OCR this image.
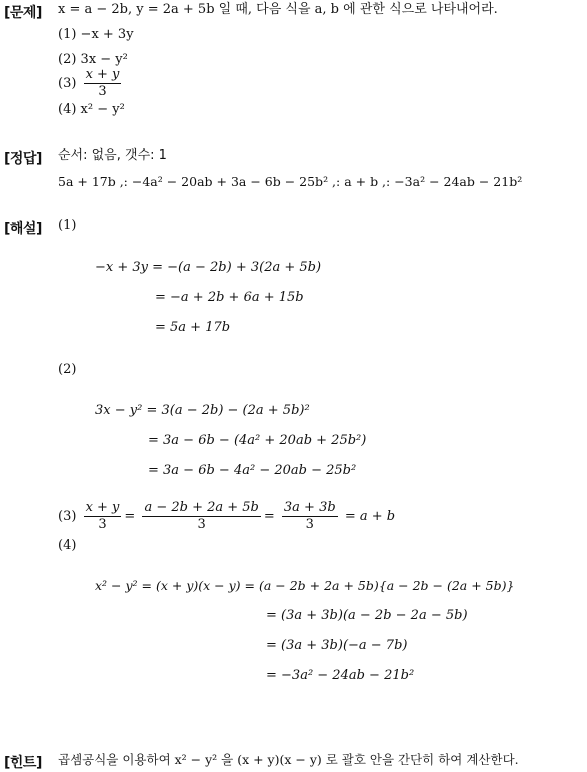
[문제] x = a − 2b, y = 2a + 5b 일 때, 다음 식을 a, b 에 관한 식으로 나타내어라.
(1) −x + 3y
(2) 3x − y²
$(3) \frac{x + y}{3}$
(4) x² − y²
[정답] 순서: 없음, 갯수: 1
5a + 17b ,: −4a² − 20ab + 3a − 6b − 25b² ,: a + b ,: −3a² − 24ab − 21b²
[해설] (1)
−x + 3y = −(a − 2b) + 3(2a + 5b)
= −a + 2b + 6a + 15b
= 5a + 17b
(2)
3x − y² = 3(a − 2b) − (2a + 5b)²
= 3a − 6b − (4a² + 20ab + 25b²)
= 3a − 6b − 4a² − 20ab − 25b²
$(3) \frac{x + y}{3} = \frac{a - 2b + 2a + 5b}{3} = \frac{3a + 3b}{3} = a + b$
(4)
x² − y² = (x + y)(x − y) = (a − 2b + 2a + 5b){a − 2b − (2a + 5b)}
= (3a + 3b)(a − 2b − 2a − 5b)
= (3a + 3b)(−a − 7b)
= −3a² − 24ab − 21b²
[힌트] 곱셈공식을 이용하여 x² − y² 을 (x + y)(x − y) 로 괄호 안을 간단히 하여 계산한다.
